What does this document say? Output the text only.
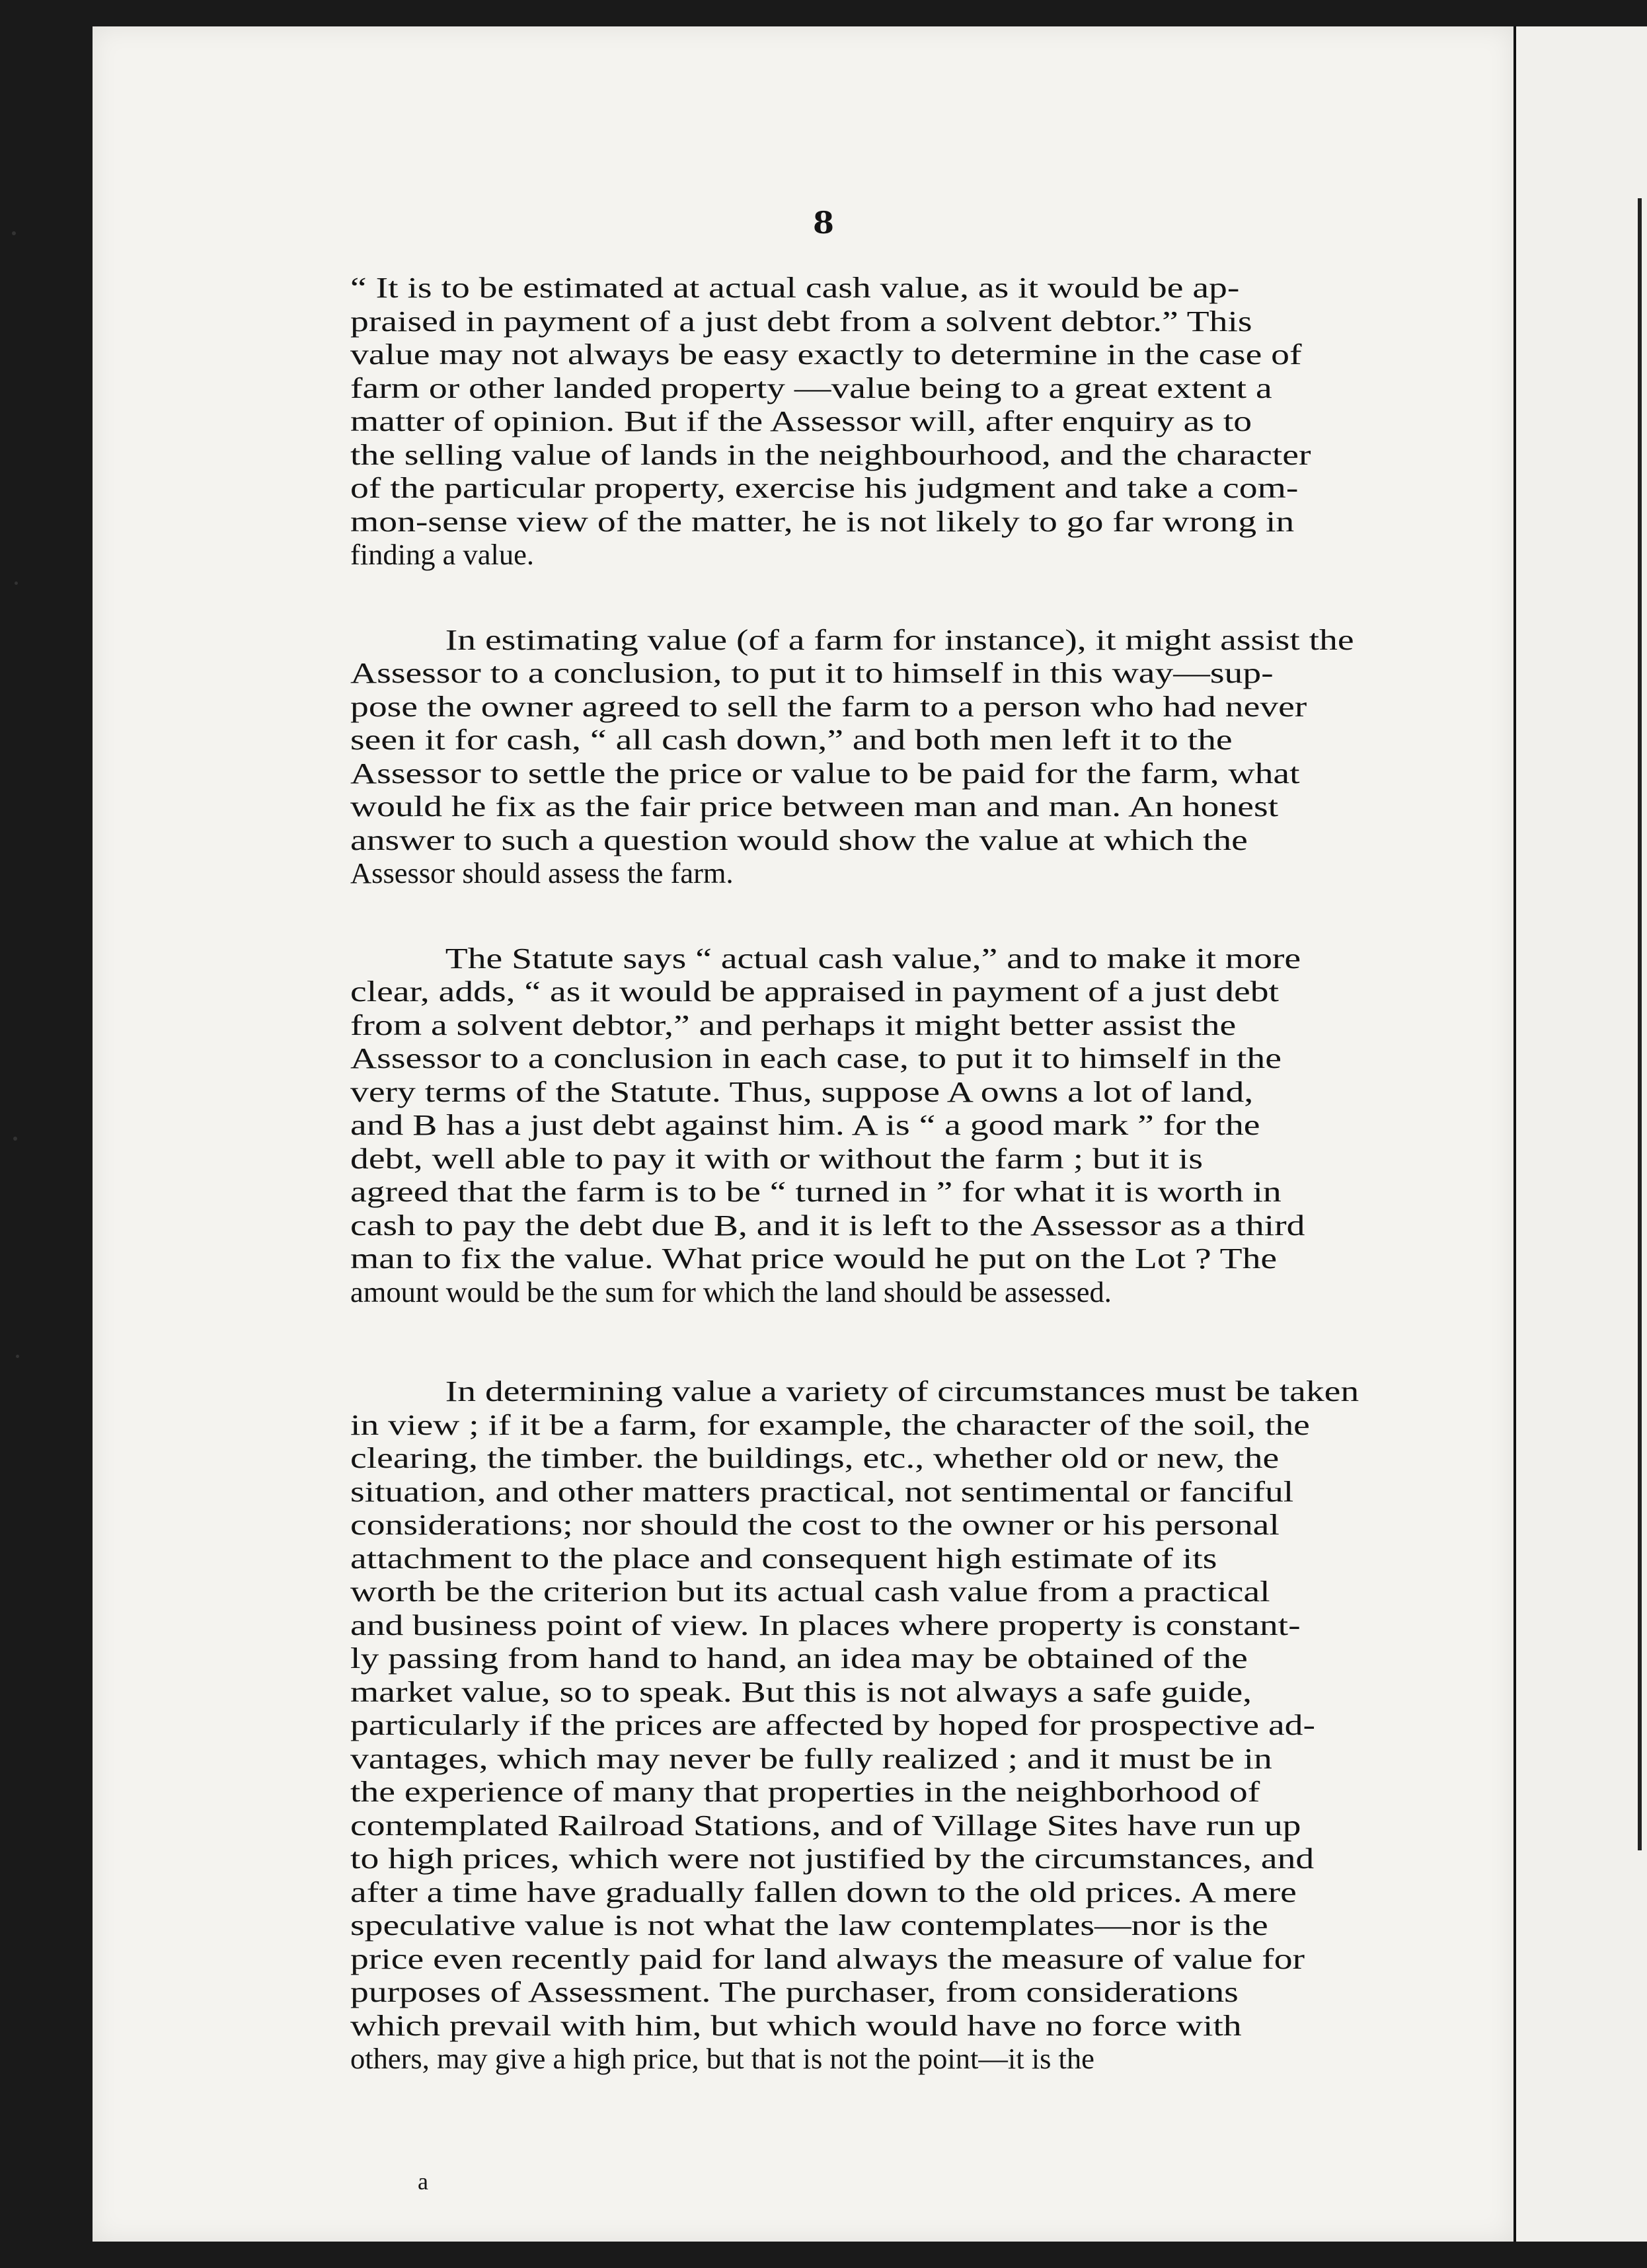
8
“ It is to be estimated at actual cash value, as it would be ap-
praised in payment of a just debt from a solvent debtor.” This
value may not always be easy exactly to determine in the case of
farm or other landed property —value being to a great extent a
matter of opinion. But if the Assessor will, after enquiry as to
the selling value of lands in the neighbourhood, and the character
of the particular property, exercise his judgment and take a com-
mon-sense view of the matter, he is not likely to go far wrong in
finding a value.
In estimating value (of a farm for instance), it might assist the
Assessor to a conclusion, to put it to himself in this way—sup-
pose the owner agreed to sell the farm to a person who had never
seen it for cash, “ all cash down,” and both men left it to the
Assessor to settle the price or value to be paid for the farm, what
would he fix as the fair price between man and man. An honest
answer to such a question would show the value at which the
Assessor should assess the farm.
The Statute says “ actual cash value,” and to make it more
clear, adds, “ as it would be appraised in payment of a just debt
from a solvent debtor,” and perhaps it might better assist the
Assessor to a conclusion in each case, to put it to himself in the
very terms of the Statute. Thus, suppose A owns a lot of land,
and B has a just debt against him. A is “ a good mark ” for the
debt, well able to pay it with or without the farm ; but it is
agreed that the farm is to be “ turned in ” for what it is worth in
cash to pay the debt due B, and it is left to the Assessor as a third
man to fix the value. What price would he put on the Lot ? The
amount would be the sum for which the land should be assessed.
In determining value a variety of circumstances must be taken
in view ; if it be a farm, for example, the character of the soil, the
clearing, the timber. the buildings, etc., whether old or new, the
situation, and other matters practical, not sentimental or fanciful
considerations; nor should the cost to the owner or his personal
attachment to the place and consequent high estimate of its
worth be the criterion but its actual cash value from a practical
and business point of view. In places where property is constant-
ly passing from hand to hand, an idea may be obtained of the
market value, so to speak. But this is not always a safe guide,
particularly if the prices are affected by hoped for prospective ad-
vantages, which may never be fully realized ; and it must be in
the experience of many that properties in the neighborhood of
contemplated Railroad Stations, and of Village Sites have run up
to high prices, which were not justified by the circumstances, and
after a time have gradually fallen down to the old prices. A mere
speculative value is not what the law contemplates—nor is the
price even recently paid for land always the measure of value for
purposes of Assessment. The purchaser, from considerations
which prevail with him, but which would have no force with
others, may give a high price, but that is not the point—it is the
a
